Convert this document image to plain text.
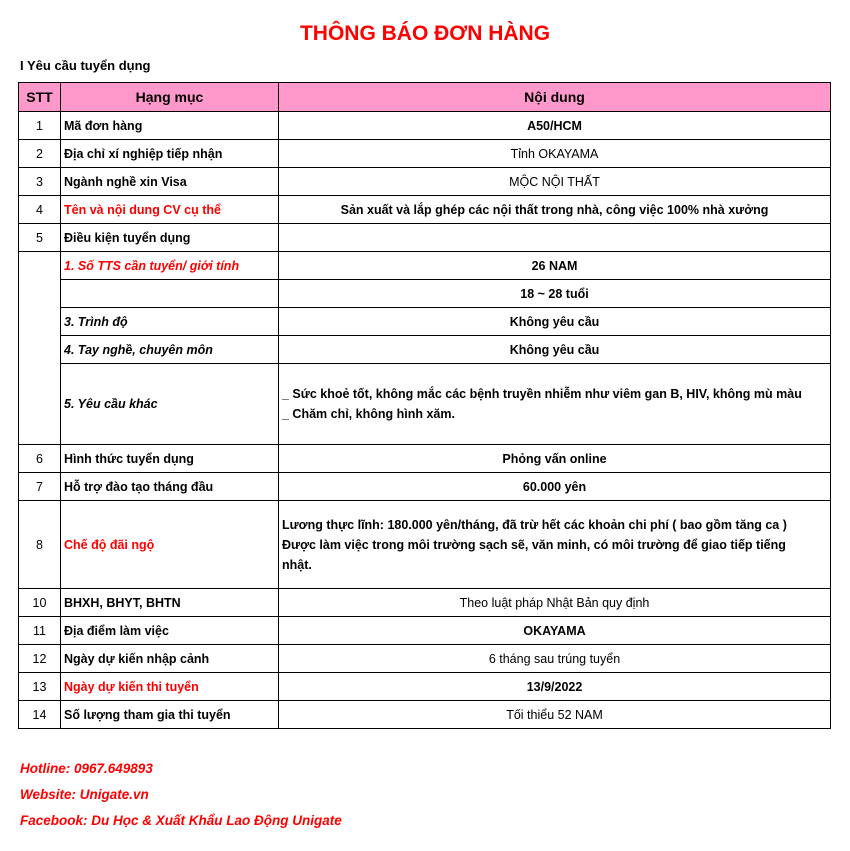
THÔNG BÁO ĐƠN HÀNG
I Yêu cầu tuyển dụng
STT	Hạng mục	Nội dung
1	Mã đơn hàng	A50/HCM
2	Địa chỉ xí nghiệp tiếp nhận	Tỉnh OKAYAMA
3	Ngành nghề xin Visa	MỘC NỘI THẤT
4	Tên và nội dung CV cụ thể	Sản xuất và lắp ghép các nội thất trong nhà, công việc 100% nhà xưởng
5	Điều kiện tuyển dụng	
	1. Số TTS cần tuyển/ giới tính	26 NAM
		18 ~ 28 tuổi
	3. Trình độ	Không yêu cầu
	4. Tay nghề, chuyên môn	Không yêu cầu
	5. Yêu cầu khác	_ Sức khoẻ tốt, không mắc các bệnh truyền nhiễm như viêm gan B, HIV, không mù màu
_ Chăm chỉ, không hình xăm.

6	Hình thức tuyển dụng	Phỏng vấn online
7	Hỗ trợ đào tạo tháng đầu	60.000 yên
8	Chế độ đãi ngộ	Lương thực lĩnh: 180.000 yên/tháng, đã trừ hết các khoản chi phí ( bao gồm tăng ca )
Được làm việc trong môi trường sạch sẽ, văn minh, có môi trường để giao tiếp tiếng
nhật.

10	BHXH, BHYT, BHTN	Theo luật pháp Nhật Bản quy định
11	Địa điểm làm việc	OKAYAMA
12	Ngày dự kiến nhập cảnh	6 tháng sau trúng tuyển
13	Ngày dự kiến thi tuyển	13/9/2022
14	Số lượng tham gia thi tuyển	Tối thiểu 52 NAM
Hotline: 0967.649893
Website: Unigate.vn
Facebook: Du Học & Xuất Khẩu Lao Động Unigate
